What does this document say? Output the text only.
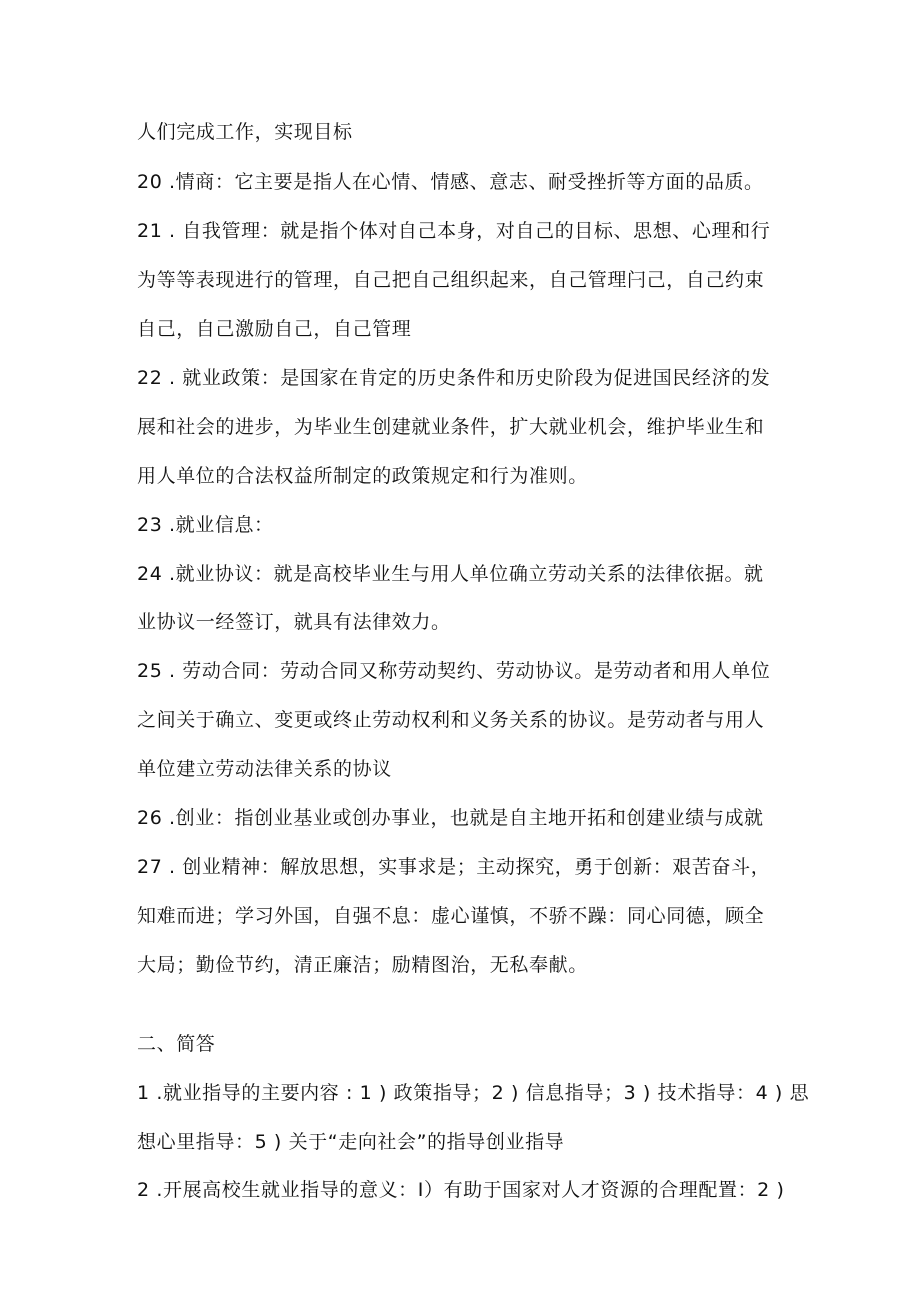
人们完成工作，实现目标
20 .情商：它主要是指人在心情、情感、意志、耐受挫折等方面的品质。
21 . 自我管理：就是指个体对自己本身，对自己的目标、思想、心理和行
为等等表现进行的管理，自己把自己组织起来，自己管理闩己，自己约束
自己，自己激励自己，自己管理
22 . 就业政策：是国家在肯定的历史条件和历史阶段为促进国民经济的发
展和社会的进步，为毕业生创建就业条件，扩大就业机会，维护毕业生和
用人单位的合法权益所制定的政策规定和行为准则。
23 .就业信息：
24 .就业协议：就是高校毕业生与用人单位确立劳动关系的法律依据。就
业协议一经签订，就具有法律效力。
25 . 劳动合同：劳动合同又称劳动契约、劳动协议。是劳动者和用人单位
之间关于确立、变更或终止劳动权利和义务关系的协议。是劳动者与用人
单位建立劳动法律关系的协议
26 .创业：指创业基业或创办事业，也就是自主地开拓和创建业绩与成就
27 . 创业精神：解放思想，实事求是；主动探究，勇于创新：艰苦奋斗，
知难而进；学习外国，自强不息：虚心谨慎，不骄不躁：同心同德，顾全
大局；勤俭节约，清正廉洁；励精图治，无私奉献。
二、简答
1 .就业指导的主要内容 : 1 ) 政策指导；2 ) 信息指导；3 ) 技术指导：4 ) 思
想心里指导：5 ) 关于“走向社会”的指导创业指导
2 .开展高校生就业指导的意义：I）有助于国家对人才资源的合理配置：2 )
